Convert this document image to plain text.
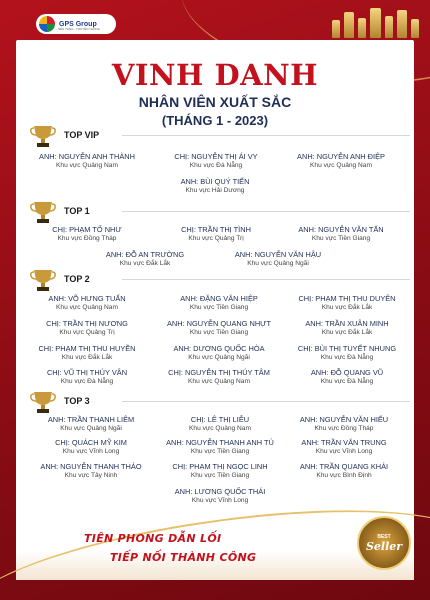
GPS Group
NẾN TẢNG - TRUYỀN THÔNG
VINH DANH
NHÂN VIÊN XUẤT SẮC
(THÁNG 1 - 2023)
TOP VIP
ANH: NGUYỄN ANH THÀNH
Khu vực Quảng Nam
CHỊ: NGUYỄN THỊ ÁI VY
Khu vực Đà Nẵng
ANH: NGUYỄN ANH ĐIỆP
Khu vực Quảng Nam
ANH: BÙI QUÝ TIẾN
Khu vực Hải Dương
TOP 1
CHỊ: PHẠM TỐ NHƯ
Khu vực Đồng Tháp
CHỊ: TRẦN THỊ TÌNH
Khu vực Quảng Trị
ANH: NGUYỄN VĂN TẤN
Khu vực Tiền Giang
ANH: ĐỖ AN TRƯỜNG
Khu vực Đắk Lắk
ANH: NGUYỄN VĂN HẬU
Khu vực Quảng Ngãi
TOP 2
ANH: VÕ HƯNG TUẤN
Khu vực Quảng Nam
ANH: ĐẶNG VĂN HIỆP
Khu vực Tiền Giang
CHỊ: PHẠM THỊ THU DUYÊN
Khu vực Đắk Lắk
CHỊ: TRẦN THỊ NƯƠNG
Khu vực Quảng Trị
ANH: NGUYỄN QUANG NHỰT
Khu vực Tiền Giang
ANH: TRẦN XUÂN MINH
Khu vực Đắk Lắk
CHỊ: PHẠM THỊ THU HUYỀN
Khu vực Đắk Lắk
ANH: DƯƠNG QUỐC HÒA
Khu vực Quảng Ngãi
CHỊ: BÙI THỊ TUYẾT NHUNG
Khu vực Đà Nẵng
CHỊ: VŨ THỊ THÚY VÂN
Khu vực Đà Nẵng
CHỊ: NGUYỄN THỊ THÚY TÂM
Khu vực Quảng Nam
ANH: ĐỖ QUANG VŨ
Khu vực Đà Nẵng
TOP 3
ANH: TRẦN THANH LIÊM
Khu vực Quảng Ngãi
CHỊ: LÊ THỊ LIỄU
Khu vực Quảng Nam
ANH: NGUYỄN VĂN HIẾU
Khu vực Đồng Tháp
CHỊ: QUÁCH MỸ KIM
Khu vực Vĩnh Long
ANH: NGUYỄN THANH ANH TÚ
Khu vực Tiền Giang
ANH: TRẦN VĂN TRUNG
Khu vực Vĩnh Long
ANH: NGUYỄN THANH THẢO
Khu vực Tây Ninh
CHỊ: PHẠM THỊ NGỌC LINH
Khu vực Tiền Giang
ANH: TRẦN QUANG KHẢI
Khu vực Bình Định
ANH: LƯƠNG QUỐC THÁI
Khu vực Vĩnh Long
TIÊN PHONG DẪN LỐI
TIẾP NỐI THÀNH CÔNG
BEST
Seller
